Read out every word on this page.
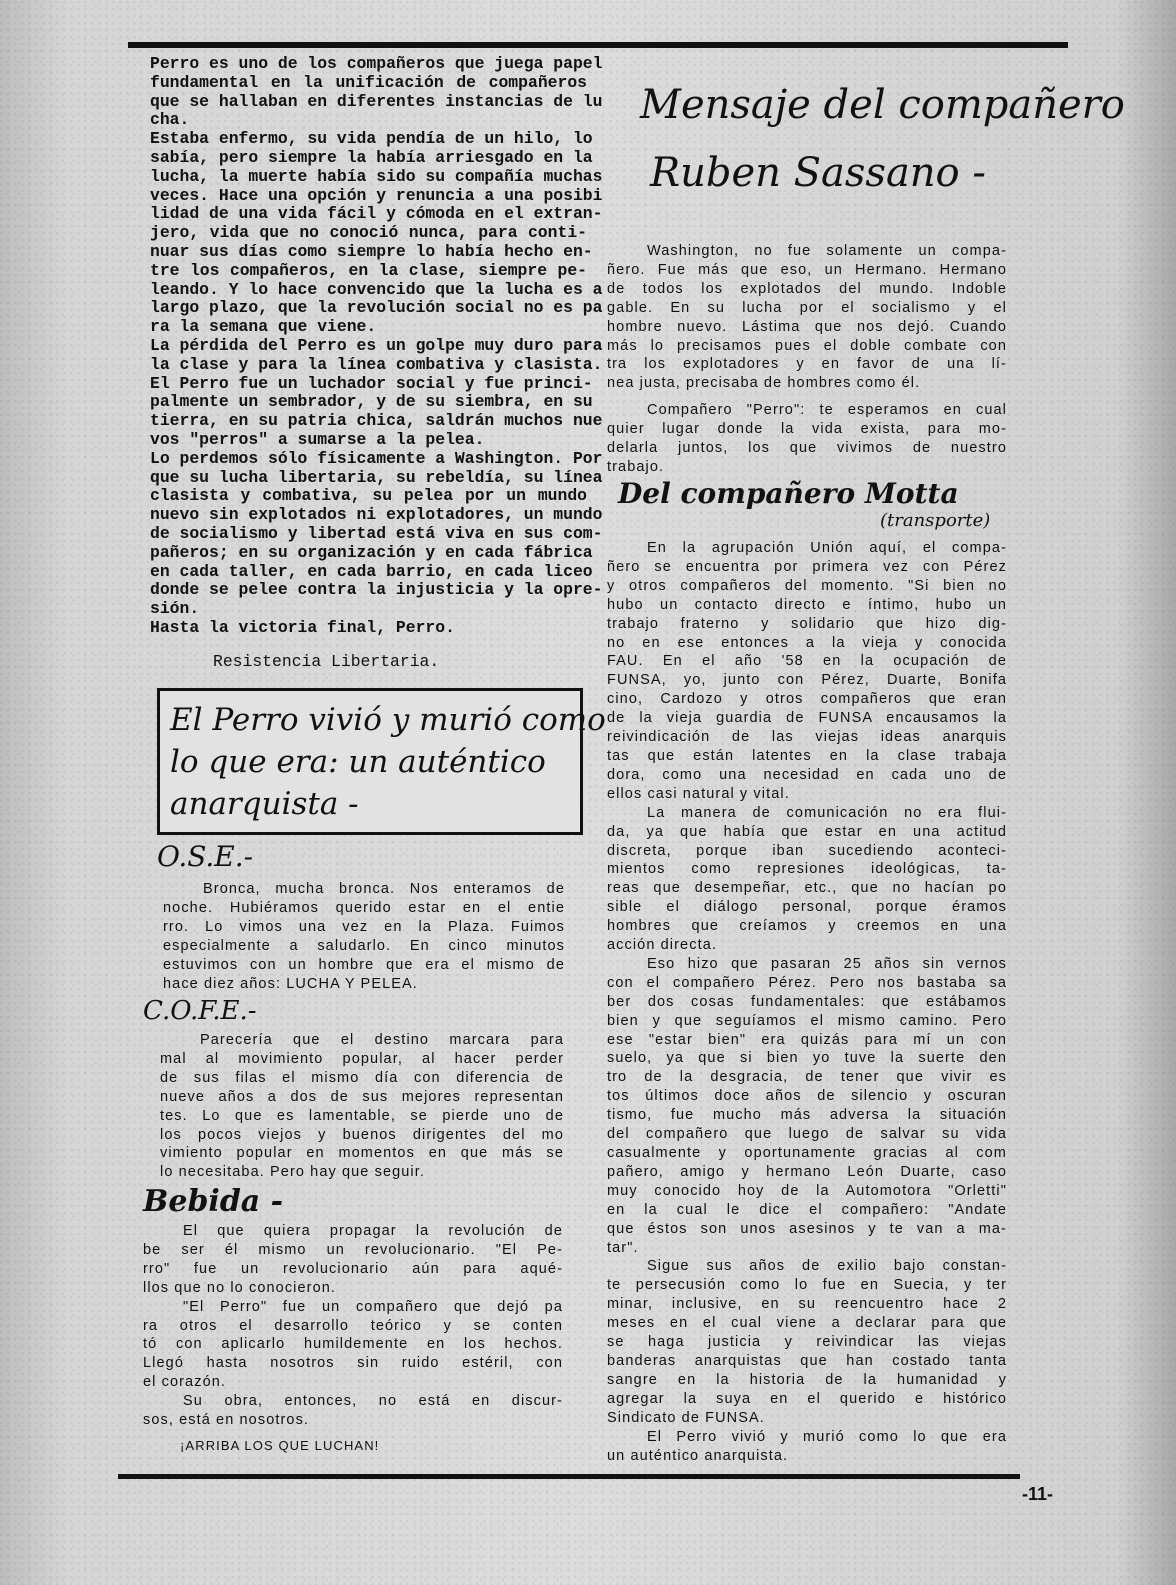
Perro es uno de los compañeros que juega papel
fundamental en la unificación de compañeros
que se hallaban en diferentes instancias de lu
cha.
Estaba enfermo, su vida pendía de un hilo, lo
sabía, pero siempre la había arriesgado en la
lucha, la muerte había sido su compañía muchas
veces. Hace una opción y renuncia a una posibi
lidad de una vida fácil y cómoda en el extran-
jero, vida que no conoció nunca, para conti-
nuar sus días como siempre lo había hecho en-
tre los compañeros, en la clase, siempre pe-
leando. Y lo hace convencido que la lucha es a
largo plazo, que la revolución social no es pa
ra la semana que viene.
La pérdida del Perro es un golpe muy duro para
la clase y para la línea combativa y clasista.
El Perro fue un luchador social y fue princi-
palmente un sembrador, y de su siembra, en su
tierra, en su patria chica, saldrán muchos nue
vos "perros" a sumarse a la pelea.
Lo perdemos sólo físicamente a Washington. Por
que su lucha libertaria, su rebeldía, su línea
clasista y combativa, su pelea por un mundo
nuevo sin explotados ni explotadores, un mundo
de socialismo y libertad está viva en sus com-
pañeros; en su organización y en cada fábrica
en cada taller, en cada barrio, en cada liceo
donde se pelee contra la injusticia y la opre-
sión.
Hasta la victoria final, Perro.
Resistencia Libertaria.
El Perro vivió y murió como
lo que era: un auténtico
anarquista -
O.S.E.-
Bronca, mucha bronca. Nos enteramos de
noche. Hubiéramos querido estar en el entie
rro. Lo vimos una vez en la Plaza. Fuimos
especialmente a saludarlo. En cinco minutos
estuvimos con un hombre que era el mismo de
hace diez años: LUCHA Y PELEA.
C.O.F.E.-
Parecería que el destino marcara para
mal al movimiento popular, al hacer perder
de sus filas el mismo día con diferencia de
nueve años a dos de sus mejores representan
tes. Lo que es lamentable, se pierde uno de
los pocos viejos y buenos dirigentes del mo
vimiento popular en momentos en que más se
lo necesitaba. Pero hay que seguir.
Bebida -
El que quiera propagar la revolución de
be ser él mismo un revolucionario. "El Pe-
rro" fue un revolucionario aún para aqué-
llos que no lo conocieron.
"El Perro" fue un compañero que dejó pa
ra otros el desarrollo teórico y se conten
tó con aplicarlo humildemente en los hechos.
Llegó hasta nosotros sin ruido estéril, con
el corazón.
Su obra, entonces, no está en discur-
sos, está en nosotros.
¡ARRIBA LOS QUE LUCHAN!
Mensaje del compañero
Ruben Sassano -
Washington, no fue solamente un compa-
ñero. Fue más que eso, un Hermano. Hermano
de todos los explotados del mundo. Indoble
gable. En su lucha por el socialismo y el
hombre nuevo. Lástima que nos dejó. Cuando
más lo precisamos pues el doble combate con
tra los explotadores y en favor de una lí-
nea justa, precisaba de hombres como él.
Compañero "Perro": te esperamos en cual
quier lugar donde la vida exista, para mo-
delarla juntos, los que vivimos de nuestro
trabajo.
Del compañero Motta
(transporte)
En la agrupación Unión aquí, el compa-
ñero se encuentra por primera vez con Pérez
y otros compañeros del momento. "Si bien no
hubo un contacto directo e íntimo, hubo un
trabajo fraterno y solidario que hizo dig-
no en ese entonces a la vieja y conocida
FAU. En el año '58 en la ocupación de
FUNSA, yo, junto con Pérez, Duarte, Bonifa
cino, Cardozo y otros compañeros que eran
de la vieja guardia de FUNSA encausamos la
reivindicación de las viejas ideas anarquis
tas que están latentes en la clase trabaja
dora, como una necesidad en cada uno de
ellos casi natural y vital.
La manera de comunicación no era flui-
da, ya que había que estar en una actitud
discreta, porque iban sucediendo aconteci-
mientos como represiones ideológicas, ta-
reas que desempeñar, etc., que no hacían po
sible el diálogo personal, porque éramos
hombres que creíamos y creemos en una
acción directa.
Eso hizo que pasaran 25 años sin vernos
con el compañero Pérez. Pero nos bastaba sa
ber dos cosas fundamentales: que estábamos
bien y que seguíamos el mismo camino. Pero
ese "estar bien" era quizás para mí un con
suelo, ya que si bien yo tuve la suerte den
tro de la desgracia, de tener que vivir es
tos últimos doce años de silencio y oscuran
tismo, fue mucho más adversa la situación
del compañero que luego de salvar su vida
casualmente y oportunamente gracias al com
pañero, amigo y hermano León Duarte, caso
muy conocido hoy de la Automotora "Orletti"
en la cual le dice el compañero: "Andate
que éstos son unos asesinos y te van a ma-
tar".
Sigue sus años de exilio bajo constan-
te persecusión como lo fue en Suecia, y ter
minar, inclusive, en su reencuentro hace 2
meses en el cual viene a declarar para que
se haga justicia y reivindicar las viejas
banderas anarquistas que han costado tanta
sangre en la historia de la humanidad y
agregar la suya en el querido e histórico
Sindicato de FUNSA.
El Perro vivió y murió como lo que era
un auténtico anarquista.
-11-
